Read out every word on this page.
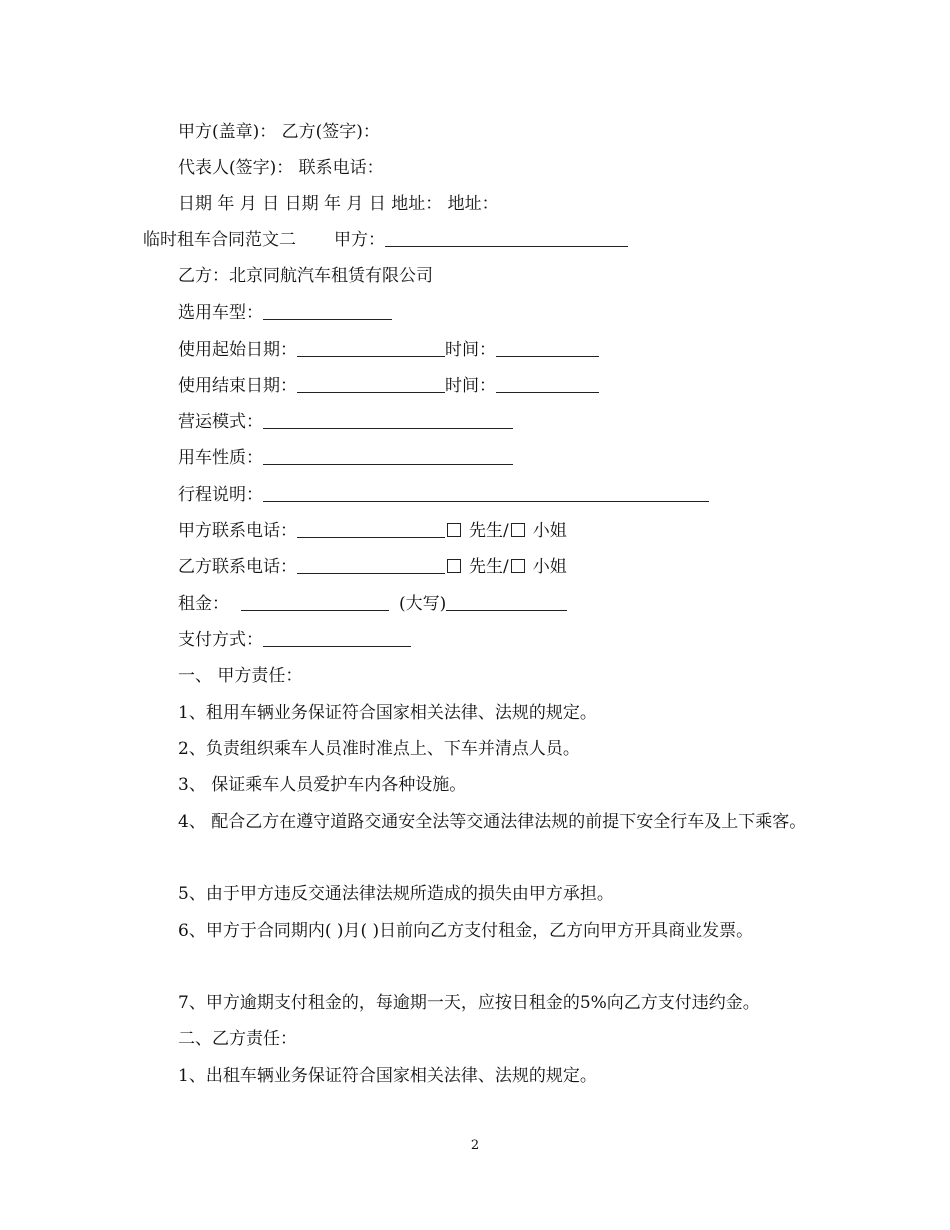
甲方(盖章)： 乙方(签字)：
代表人(签字)： 联系电话：
日期 年 月 日 日期 年 月 日 地址： 地址：
临时租车合同范文二 甲方：
乙方：北京同航汽车租赁有限公司
选用车型：
使用起始日期：	时间：
使用结束日期：	时间：
营运模式：
用车性质：
行程说明：
甲方联系电话：	先生/ 小姐
乙方联系电话：	先生/ 小姐
租金：	(大写)
支付方式：
一、 甲方责任：
1、租用车辆业务保证符合国家相关法律、法规的规定。
2、负责组织乘车人员准时准点上、下车并清点人员。
3、 保证乘车人员爱护车内各种设施。
4、 配合乙方在遵守道路交通安全法等交通法律法规的前提下安全行车及上下乘客。
5、由于甲方违反交通法律法规所造成的损失由甲方承担。
6、甲方于合同期内( )月( )日前向乙方支付租金，乙方向甲方开具商业发票。
7、甲方逾期支付租金的，每逾期一天，应按日租金的5%向乙方支付违约金。
二、乙方责任：
1、出租车辆业务保证符合国家相关法律、法规的规定。
2
